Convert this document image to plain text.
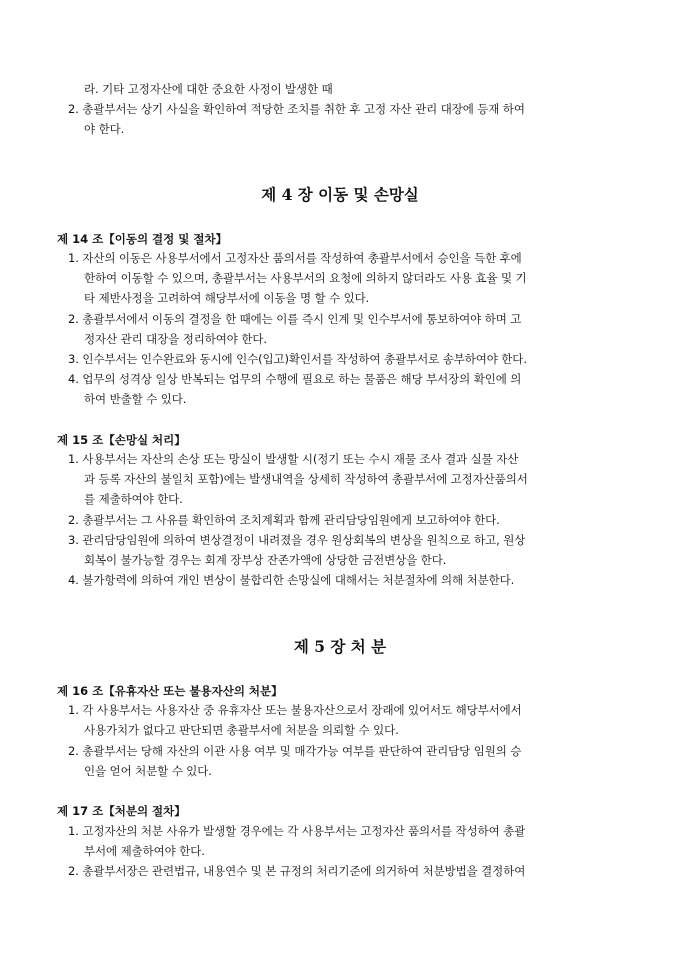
라. 기타 고정자산에 대한 중요한 사정이 발생한 때
2. 총괄부서는 상기 사실을 확인하여 적당한 조치를 취한 후 고정 자산 관리 대장에 등재 하여
야 한다.
제 4 장 이동 및 손망실
제 14 조【이동의 결정 및 절차】
1. 자산의 이동은 사용부서에서 고정자산 품의서를 작성하여 총괄부서에서 승인을 득한 후에
한하여 이동할 수 있으며, 총괄부서는 사용부서의 요청에 의하지 않더라도 사용 효율 및 기
타 제반사정을 고려하여 해당부서에 이동을 명 할 수 있다.
2. 총괄부서에서 이동의 결정을 한 때에는 이를 즉시 인계 및 인수부서에 통보하여야 하며 고
정자산 관리 대장을 정리하여야 한다.
3. 인수부서는 인수완료와 동시에 인수(입고)확인서를 작성하여 총괄부서로 송부하여야 한다.
4. 업무의 성격상 일상 반복되는 업무의 수행에 필요로 하는 물품은 해당 부서장의 확인에 의
하여 반출할 수 있다.
제 15 조【손망실 처리】
1. 사용부서는 자산의 손상 또는 망실이 발생할 시(정기 또는 수시 재물 조사 결과 실물 자산
과 등록 자산의 불일치 포함)에는 발생내역을 상세히 작성하여 총괄부서에 고정자산품의서
를 제출하여야 한다.
2. 총괄부서는 그 사유를 확인하여 조치계획과 함께 관리담당임원에게 보고하여야 한다.
3. 관리담당임원에 의하여 변상결정이 내려졌을 경우 원상회복의 변상을 원칙으로 하고, 원상
회복이 불가능할 경우는 회계 장부상 잔존가액에 상당한 금전변상을 한다.
4. 불가항력에 의하여 개인 변상이 불합리한 손망실에 대해서는 처분절차에 의해 처분한다.
제 5 장 처 분
제 16 조【유휴자산 또는 불용자산의 처분】
1. 각 사용부서는 사용자산 중 유휴자산 또는 불용자산으로서 장래에 있어서도 해당부서에서
사용가치가 없다고 판단되면 총괄부서에 처분을 의뢰할 수 있다.
2. 총괄부서는 당해 자산의 이관 사용 여부 및 매각가능 여부를 판단하여 관리담당 임원의 승
인을 얻어 처분할 수 있다.
제 17 조【처분의 절차】
1. 고정자산의 처분 사유가 발생할 경우에는 각 사용부서는 고정자산 품의서를 작성하여 총괄
부서에 제출하여야 한다.
2. 총괄부서장은 관련법규, 내용연수 및 본 규정의 처리기준에 의거하여 처분방법을 결정하여
